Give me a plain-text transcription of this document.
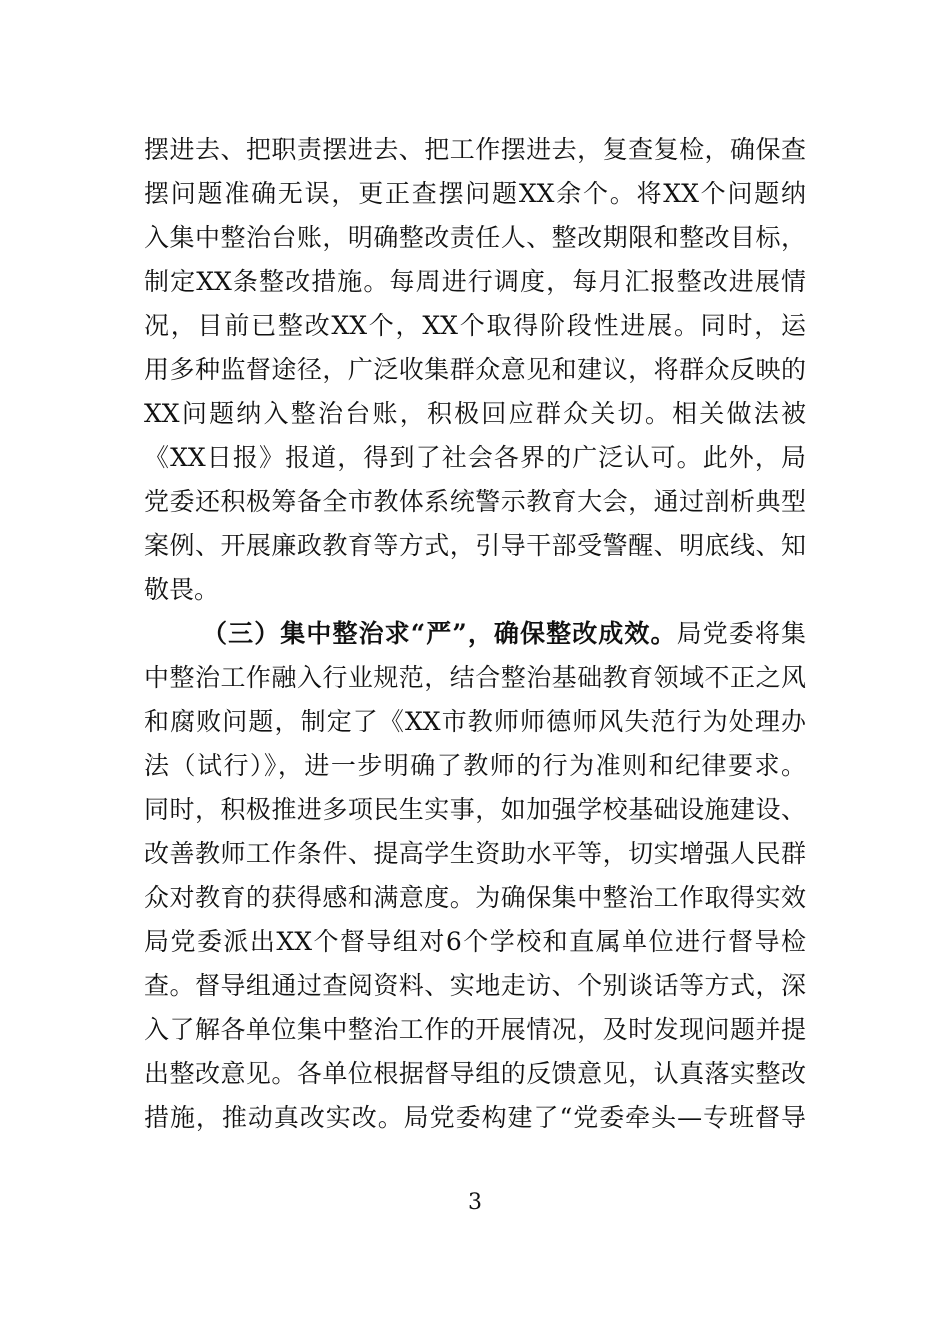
摆进去、把职责摆进去、把工作摆进去，复查复检，确保查
摆问题准确无误，更正查摆问题XX余个。将XX个问题纳
入集中整治台账，明确整改责任人、整改期限和整改目标，
制定XX条整改措施。每周进行调度，每月汇报整改进展情
况，目前已整改XX个，XX个取得阶段性进展。同时，运
用多种监督途径，广泛收集群众意见和建议，将群众反映的
XX问题纳入整治台账，积极回应群众关切。相关做法被
《XX日报》报道，得到了社会各界的广泛认可。此外，局
党委还积极筹备全市教体系统警示教育大会，通过剖析典型
案例、开展廉政教育等方式，引导干部受警醒、明底线、知
敬畏。
（三）集中整治求“严”，确保整改成效。局党委将集
中整治工作融入行业规范，结合整治基础教育领域不正之风
和腐败问题，制定了《XX市教师师德师风失范行为处理办
法（试行）》，进一步明确了教师的行为准则和纪律要求。
同时，积极推进多项民生实事，如加强学校基础设施建设、
改善教师工作条件、提高学生资助水平等，切实增强人民群
众对教育的获得感和满意度。为确保集中整治工作取得实效
局党委派出XX个督导组对6个学校和直属单位进行督导检
查。督导组通过查阅资料、实地走访、个别谈话等方式，深
入了解各单位集中整治工作的开展情况，及时发现问题并提
出整改意见。各单位根据督导组的反馈意见，认真落实整改
措施，推动真改实改。局党委构建了“党委牵头—专班督导
3
